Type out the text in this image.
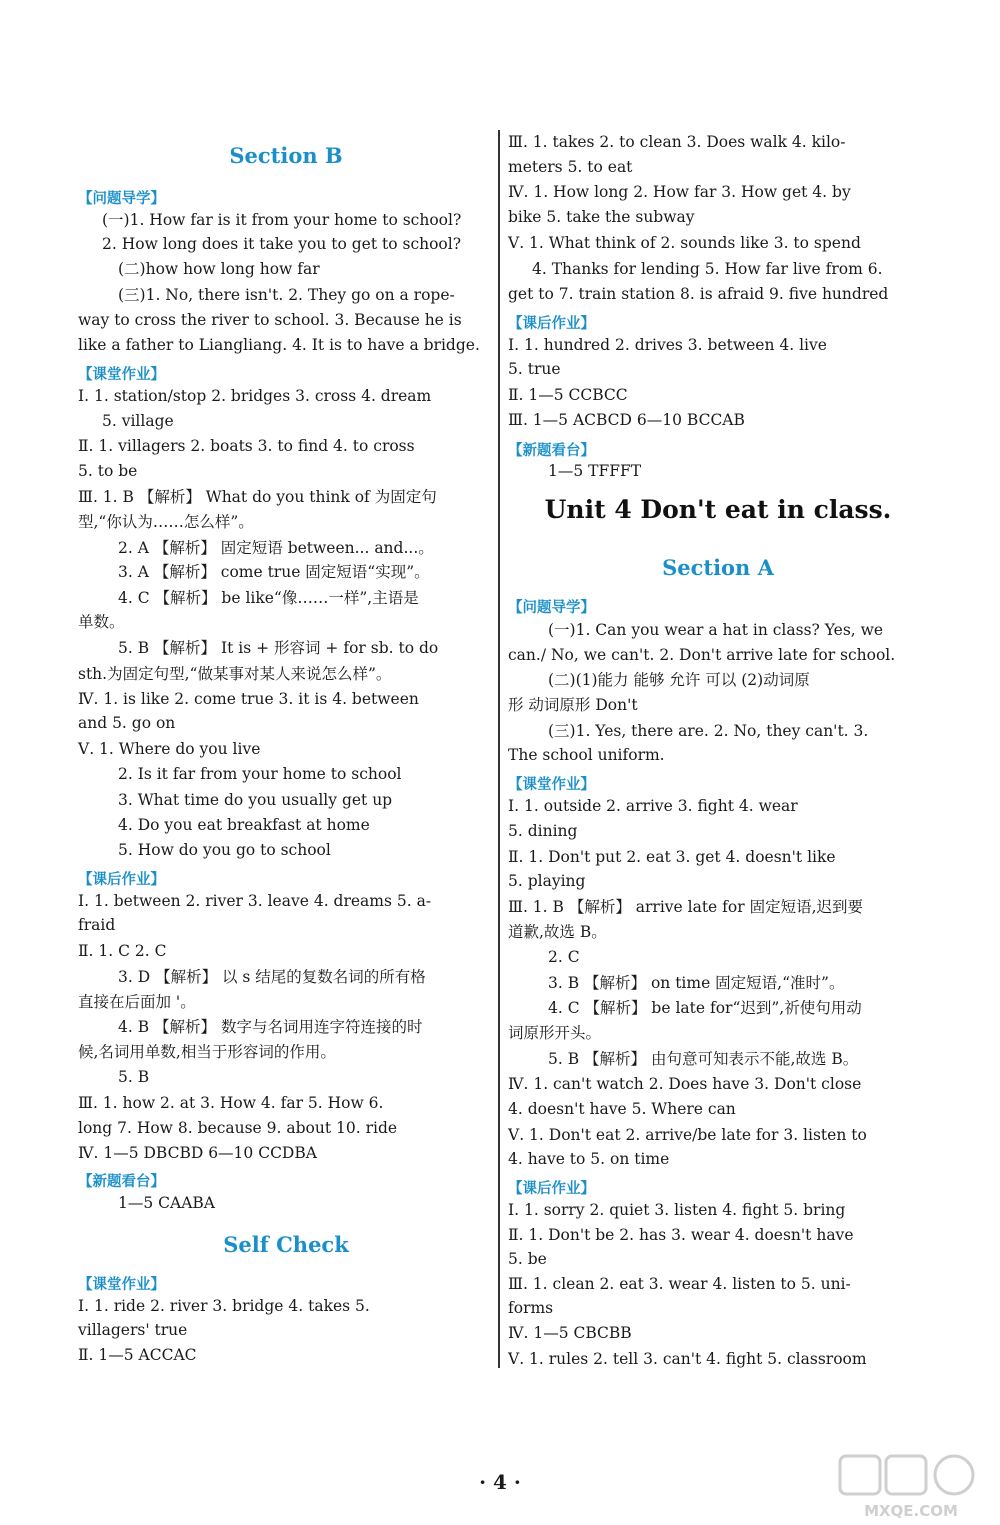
Section B
【问题导学】
(一)1. How far is it from your home to school?
2. How long does it take you to get to school?
(二)how how long how far
(三)1. No, there isn't. 2. They go on a rope-
way to cross the river to school. 3. Because he is
like a father to Liangliang. 4. It is to have a bridge.
【课堂作业】
Ⅰ. 1. station/stop 2. bridges 3. cross 4. dream
5. village
Ⅱ. 1. villagers 2. boats 3. to find 4. to cross
5. to be
Ⅲ. 1. B 【解析】 What do you think of 为固定句
型,“你认为……怎么样”。
2. A 【解析】 固定短语 between... and...。
3. A 【解析】 come true 固定短语“实现”。
4. C 【解析】 be like“像……一样”,主语是
单数。
5. B 【解析】 It is + 形容词 + for sb. to do
sth.为固定句型,“做某事对某人来说怎么样”。
Ⅳ. 1. is like 2. come true 3. it is 4. between
and 5. go on
Ⅴ. 1. Where do you live
2. Is it far from your home to school
3. What time do you usually get up
4. Do you eat breakfast at home
5. How do you go to school
【课后作业】
Ⅰ. 1. between 2. river 3. leave 4. dreams 5. a-
fraid
Ⅱ. 1. C 2. C
3. D 【解析】 以 s 结尾的复数名词的所有格
直接在后面加 '。
4. B 【解析】 数字与名词用连字符连接的时
候,名词用单数,相当于形容词的作用。
5. B
Ⅲ. 1. how 2. at 3. How 4. far 5. How 6.
long 7. How 8. because 9. about 10. ride
Ⅳ. 1—5 DBCBD 6—10 CCDBA
【新题看台】
1—5 CAABA
Self Check
【课堂作业】
Ⅰ. 1. ride 2. river 3. bridge 4. takes 5.
villagers' true
Ⅱ. 1—5 ACCAC
Ⅲ. 1. takes 2. to clean 3. Does walk 4. kilo-
meters 5. to eat
Ⅳ. 1. How long 2. How far 3. How get 4. by
bike 5. take the subway
Ⅴ. 1. What think of 2. sounds like 3. to spend
4. Thanks for lending 5. How far live from 6.
get to 7. train station 8. is afraid 9. five hundred
【课后作业】
Ⅰ. 1. hundred 2. drives 3. between 4. live
5. true
Ⅱ. 1—5 CCBCC
Ⅲ. 1—5 ACBCD 6—10 BCCAB
【新题看台】
1—5 TFFFT
Unit 4 Don't eat in class.
Section A
【问题导学】
(一)1. Can you wear a hat in class? Yes, we
can./ No, we can't. 2. Don't arrive late for school.
(二)(1)能力 能够 允许 可以 (2)动词原
形 动词原形 Don't
(三)1. Yes, there are. 2. No, they can't. 3.
The school uniform.
【课堂作业】
Ⅰ. 1. outside 2. arrive 3. fight 4. wear
5. dining
Ⅱ. 1. Don't put 2. eat 3. get 4. doesn't like
5. playing
Ⅲ. 1. B 【解析】 arrive late for 固定短语,迟到要
道歉,故选 B。
2. C
3. B 【解析】 on time 固定短语,“准时”。
4. C 【解析】 be late for“迟到”,祈使句用动
词原形开头。
5. B 【解析】 由句意可知表示不能,故选 B。
Ⅳ. 1. can't watch 2. Does have 3. Don't close
4. doesn't have 5. Where can
Ⅴ. 1. Don't eat 2. arrive/be late for 3. listen to
4. have to 5. on time
【课后作业】
Ⅰ. 1. sorry 2. quiet 3. listen 4. fight 5. bring
Ⅱ. 1. Don't be 2. has 3. wear 4. doesn't have
5. be
Ⅲ. 1. clean 2. eat 3. wear 4. listen to 5. uni-
forms
Ⅳ. 1—5 CBCBB
Ⅴ. 1. rules 2. tell 3. can't 4. fight 5. classroom
· 4 ·
MXQE.COM
